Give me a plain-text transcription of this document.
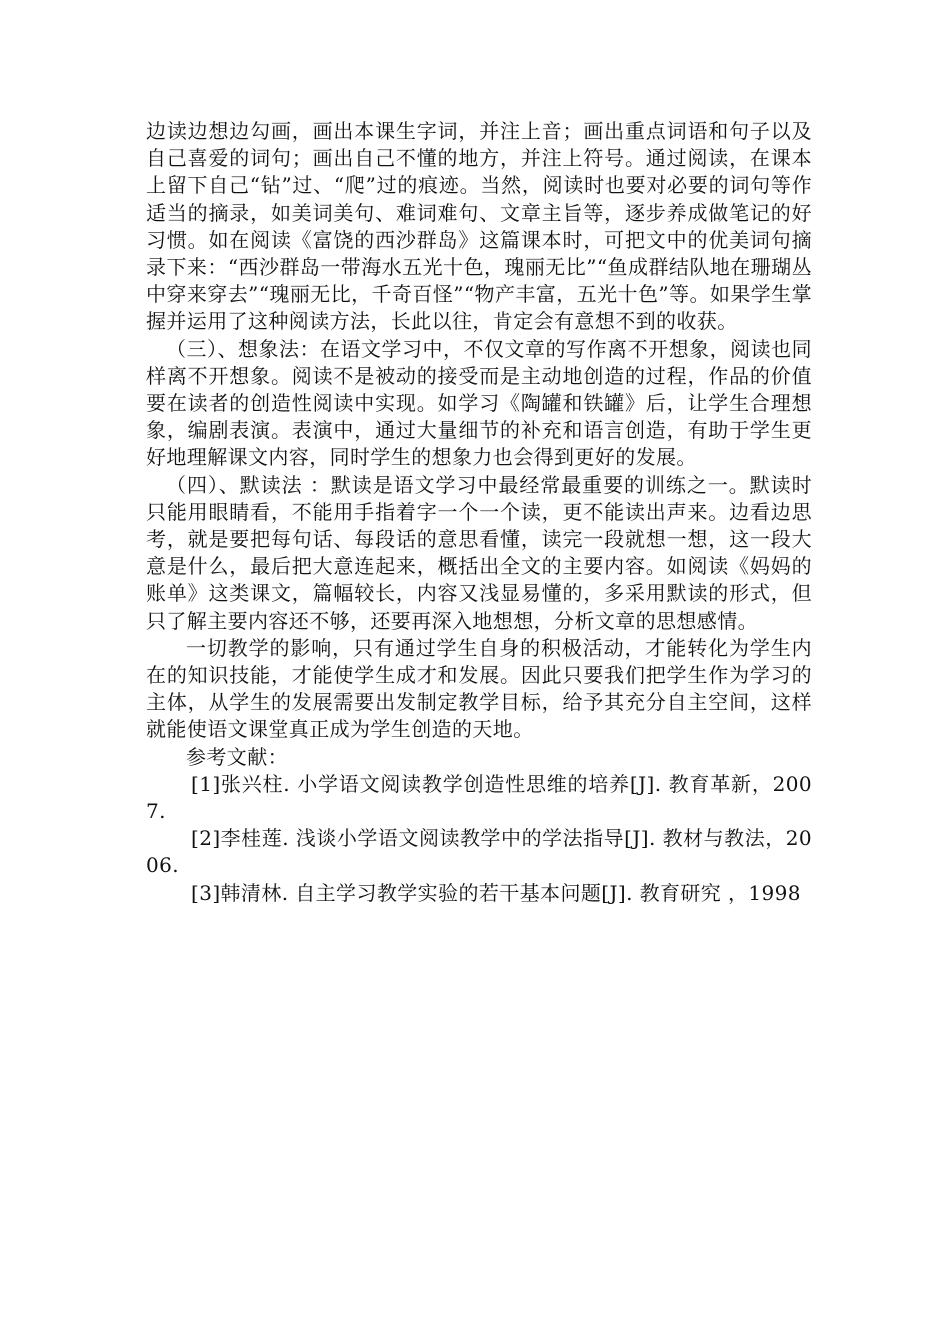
边读边想边勾画，画出本课生字词，并注上音；画出重点词语和句子以及自己喜爱的词句；画出自己不懂的地方，并注上符号。通过阅读，在课本上留下自己“钻”过、“爬”过的痕迹。当然，阅读时也要对必要的词句等作适当的摘录，如美词美句、难词难句、文章主旨等，逐步养成做笔记的好习惯。如在阅读《富饶的西沙群岛》这篇课本时，可把文中的优美词句摘录下来：“西沙群岛一带海水五光十色，瑰丽无比”“鱼成群结队地在珊瑚丛中穿来穿去”“瑰丽无比，千奇百怪”“物产丰富，五光十色”等。如果学生掌握并运用了这种阅读方法，长此以往，肯定会有意想不到的收获。

（三）、想象法：在语文学习中，不仅文章的写作离不开想象，阅读也同样离不开想象。阅读不是被动的接受而是主动地创造的过程，作品的价值要在读者的创造性阅读中实现。如学习《陶罐和铁罐》后，让学生合理想象，编剧表演。表演中，通过大量细节的补充和语言创造，有助于学生更好地理解课文内容，同时学生的想象力也会得到更好的发展。

（四）、默读法 ：默读是语文学习中最经常最重要的训练之一。默读时只能用眼睛看，不能用手指着字一个一个读，更不能读出声来。边看边思考，就是要把每句话、每段话的意思看懂，读完一段就想一想，这一段大意是什么，最后把大意连起来，概括出全文的主要内容。如阅读《妈妈的账单》这类课文，篇幅较长，内容又浅显易懂的，多采用默读的形式，但只了解主要内容还不够，还要再深入地想想，分析文章的思想感情。

一切教学的影响，只有通过学生自身的积极活动，才能转化为学生内在的知识技能，才能使学生成才和发展。因此只要我们把学生作为学习的主体，从学生的发展需要出发制定教学目标，给予其充分自主空间，这样就能使语文课堂真正成为学生创造的天地。

参考文献：

[1]张兴柱. 小学语文阅读教学创造性思维的培养[J]. 教育革新，2007.

[2]李桂莲. 浅谈小学语文阅读教学中的学法指导[J]. 教材与教法，2006.

[3]韩清林. 自主学习教学实验的若干基本问题[J]. 教育研究 ，1998
